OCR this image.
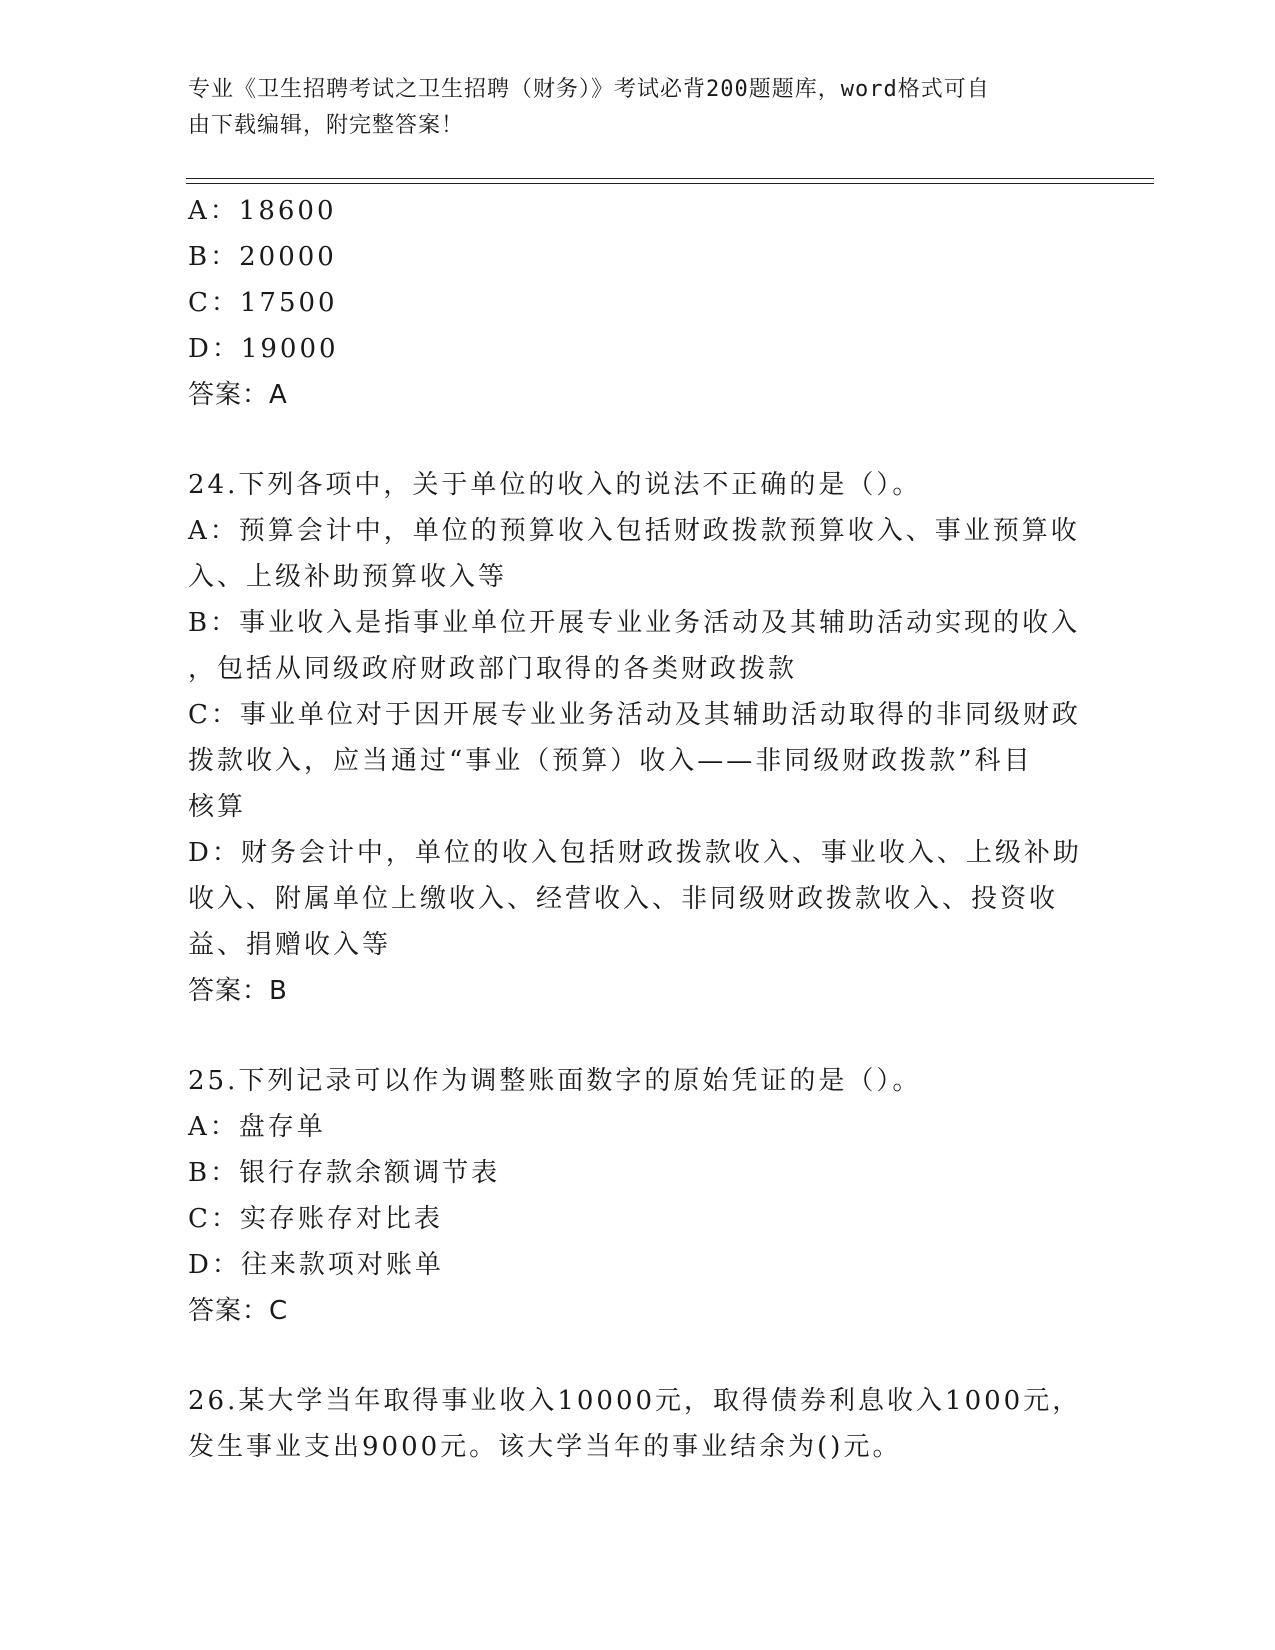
专业《卫生招聘考试之卫生招聘（财务）》考试必背200题题库，word格式可自
由下载编辑，附完整答案！
A：18600
B：20000
C：17500
D：19000
答案：A
24.下列各项中，关于单位的收入的说法不正确的是（）。
A：预算会计中，单位的预算收入包括财政拨款预算收入、事业预算收
入、上级补助预算收入等
B：事业收入是指事业单位开展专业业务活动及其辅助活动实现的收入
，包括从同级政府财政部门取得的各类财政拨款
C：事业单位对于因开展专业业务活动及其辅助活动取得的非同级财政
拨款收入，应当通过“事业（预算）收入——非同级财政拨款”科目
核算
D：财务会计中，单位的收入包括财政拨款收入、事业收入、上级补助
收入、附属单位上缴收入、经营收入、非同级财政拨款收入、投资收
益、捐赠收入等
答案：B
25.下列记录可以作为调整账面数字的原始凭证的是（）。
A：盘存单
B：银行存款余额调节表
C：实存账存对比表
D：往来款项对账单
答案：C
26.某大学当年取得事业收入10000元，取得债券利息收入1000元，
发生事业支出9000元。该大学当年的事业结余为()元。
